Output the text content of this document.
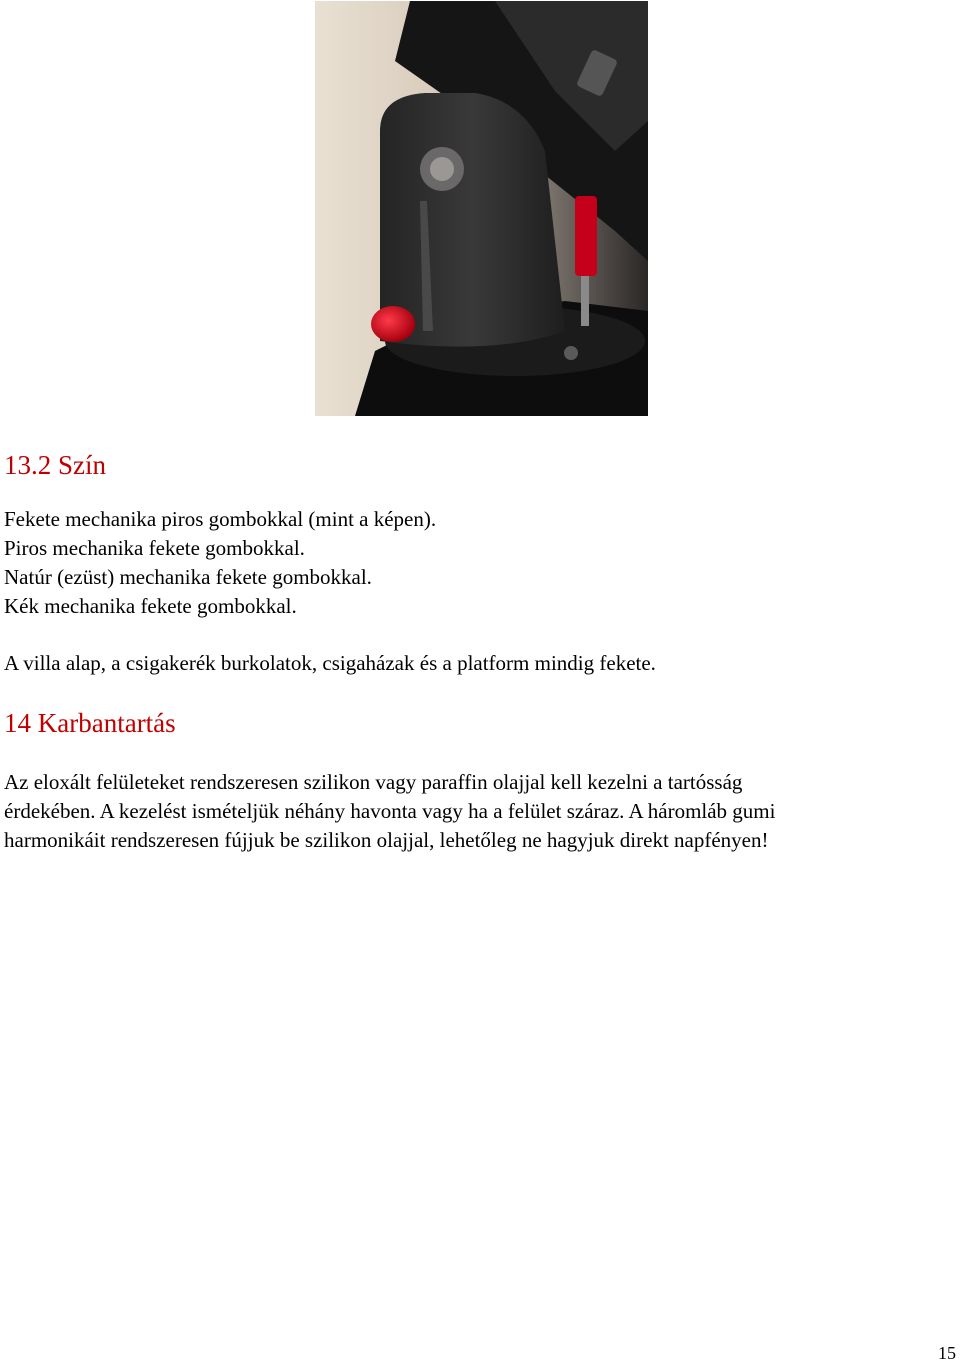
13.2 Szín

Fekete mechanika piros gombokkal (mint a képen).

Piros mechanika fekete gombokkal.

Natúr (ezüst) mechanika fekete gombokkal.

Kék mechanika fekete gombokkal.

A villa alap, a csigakerék burkolatok, csigaházak és a platform mindig fekete.

14 Karbantartás

Az eloxált felületeket rendszeresen szilikon vagy paraffin olajjal kell kezelni a tartósság

érdekében. A kezelést ismételjük néhány havonta vagy ha a felület száraz. A háromláb gumi

harmonikáit rendszeresen fújjuk be szilikon olajjal, lehetőleg ne hagyjuk direkt napfényen!

15
